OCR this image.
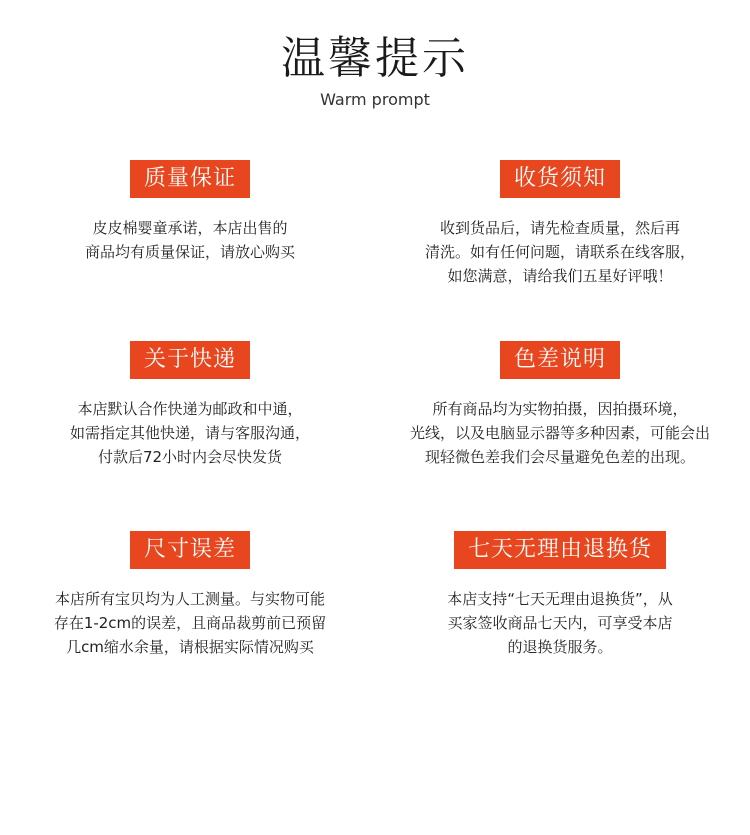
温馨提示
Warm prompt
质量保证
皮皮棉婴童承诺，本店出售的
商品均有质量保证，请放心购买
收货须知
收到货品后，请先检查质量，然后再
清洗。如有任何问题，请联系在线客服，
如您满意，请给我们五星好评哦！
关于快递
本店默认合作快递为邮政和中通，
如需指定其他快递，请与客服沟通，
付款后72小时内会尽快发货
色差说明
所有商品均为实物拍摄，因拍摄环境，
光线，以及电脑显示器等多种因素，可能会出
现轻微色差我们会尽量避免色差的出现。
尺寸误差
本店所有宝贝均为人工测量。与实物可能
存在1-2cm的误差，且商品裁剪前已预留
几cm缩水余量，请根据实际情况购买
七天无理由退换货
本店支持“七天无理由退换货”，从
买家签收商品七天内，可享受本店
的退换货服务。
